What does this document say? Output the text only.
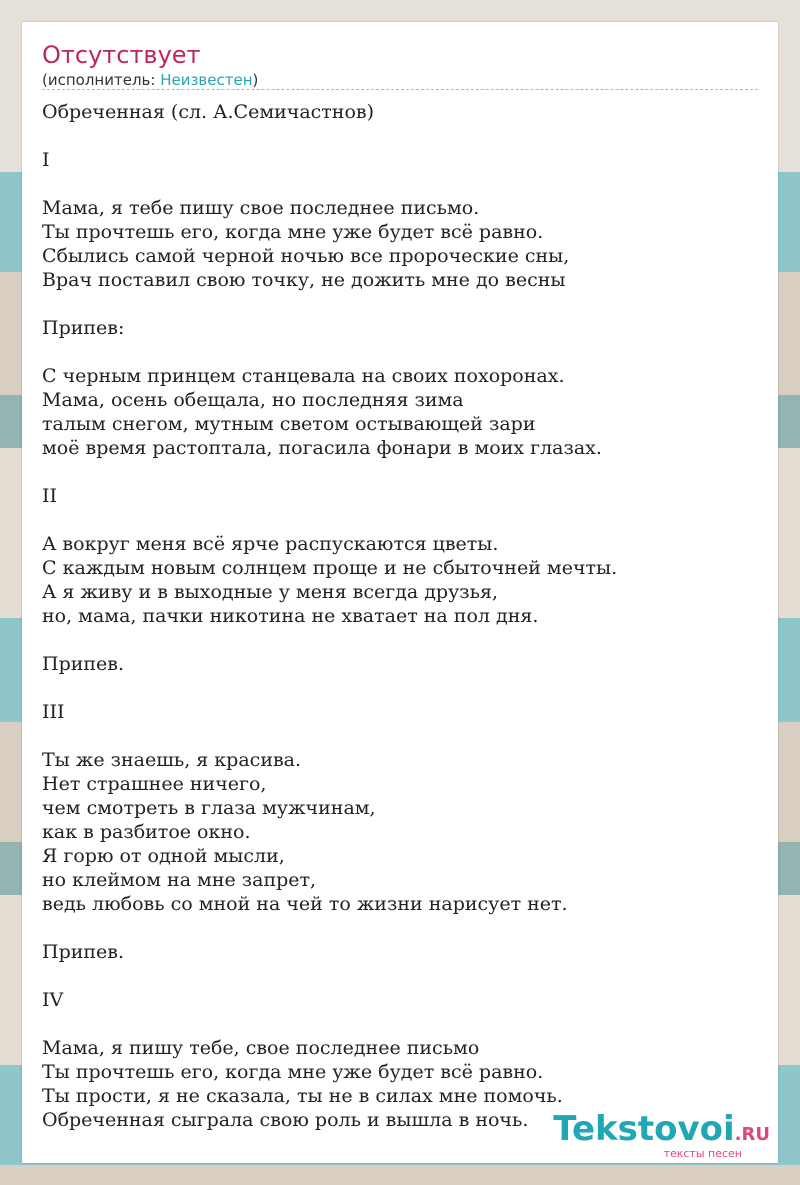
Отсутствует
(исполнитель: Неизвестен)
Обреченная (сл. А.Семичастнов)

I

Мама, я тебе пишу свое последнее письмо.
Ты прочтешь его, когда мне уже будет всё равно.
Сбылись самой черной ночью все пророческие сны,
Врач поставил свою точку, не дожить мне до весны

Припев:

С черным принцем станцевала на своих похоронах.
Мама, осень обещала, но последняя зима
талым снегом, мутным светом остывающей зари
моё время растоптала, погасила фонари в моих глазах.

II

А вокруг меня всё ярче распускаются цветы.
С каждым новым солнцем проще и не сбыточней мечты.
А я живу и в выходные у меня всегда друзья,
но, мама, пачки никотина не хватает на пол дня.

Припев.

III

Ты же знаешь, я красива.
Нет страшнее ничего,
чем смотреть в глаза мужчинам,
как в разбитое окно.
Я горю от одной мысли,
но клеймом на мне запрет,
ведь любовь со мной на чей то жизни нарисует нет.

Припев.

IV

Мама, я пишу тебе, свое последнее письмо
Ты прочтешь его, когда мне уже будет всё равно.
Ты прости, я не сказала, ты не в силах мне помочь.
Обреченная сыграла свою роль и вышла в ночь. Tekstovoi.RU
тексты песен
